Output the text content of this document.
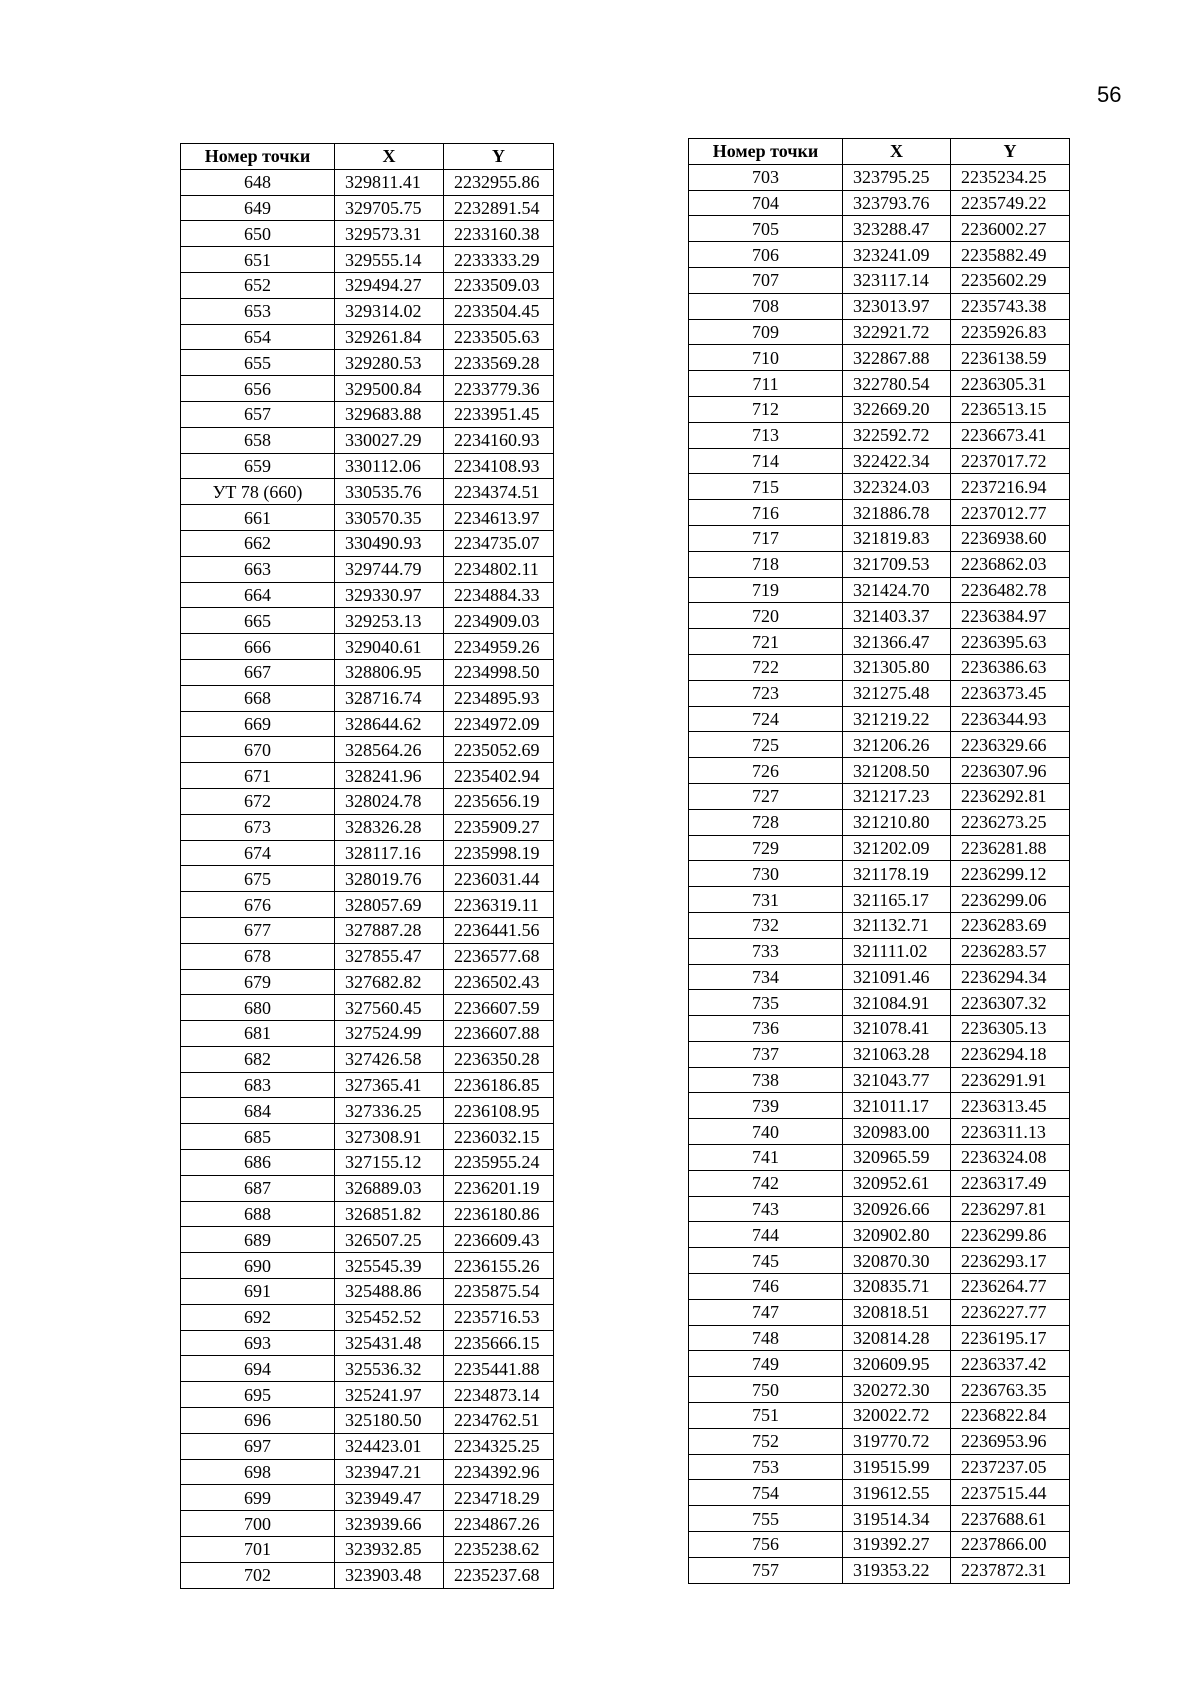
56
Номер точки	X	Y
648	329811.41	2232955.86
649	329705.75	2232891.54
650	329573.31	2233160.38
651	329555.14	2233333.29
652	329494.27	2233509.03
653	329314.02	2233504.45
654	329261.84	2233505.63
655	329280.53	2233569.28
656	329500.84	2233779.36
657	329683.88	2233951.45
658	330027.29	2234160.93
659	330112.06	2234108.93
УТ 78 (660)	330535.76	2234374.51
661	330570.35	2234613.97
662	330490.93	2234735.07
663	329744.79	2234802.11
664	329330.97	2234884.33
665	329253.13	2234909.03
666	329040.61	2234959.26
667	328806.95	2234998.50
668	328716.74	2234895.93
669	328644.62	2234972.09
670	328564.26	2235052.69
671	328241.96	2235402.94
672	328024.78	2235656.19
673	328326.28	2235909.27
674	328117.16	2235998.19
675	328019.76	2236031.44
676	328057.69	2236319.11
677	327887.28	2236441.56
678	327855.47	2236577.68
679	327682.82	2236502.43
680	327560.45	2236607.59
681	327524.99	2236607.88
682	327426.58	2236350.28
683	327365.41	2236186.85
684	327336.25	2236108.95
685	327308.91	2236032.15
686	327155.12	2235955.24
687	326889.03	2236201.19
688	326851.82	2236180.86
689	326507.25	2236609.43
690	325545.39	2236155.26
691	325488.86	2235875.54
692	325452.52	2235716.53
693	325431.48	2235666.15
694	325536.32	2235441.88
695	325241.97	2234873.14
696	325180.50	2234762.51
697	324423.01	2234325.25
698	323947.21	2234392.96
699	323949.47	2234718.29
700	323939.66	2234867.26
701	323932.85	2235238.62
702	323903.48	2235237.68
Номер точки	X	Y
703	323795.25	2235234.25
704	323793.76	2235749.22
705	323288.47	2236002.27
706	323241.09	2235882.49
707	323117.14	2235602.29
708	323013.97	2235743.38
709	322921.72	2235926.83
710	322867.88	2236138.59
711	322780.54	2236305.31
712	322669.20	2236513.15
713	322592.72	2236673.41
714	322422.34	2237017.72
715	322324.03	2237216.94
716	321886.78	2237012.77
717	321819.83	2236938.60
718	321709.53	2236862.03
719	321424.70	2236482.78
720	321403.37	2236384.97
721	321366.47	2236395.63
722	321305.80	2236386.63
723	321275.48	2236373.45
724	321219.22	2236344.93
725	321206.26	2236329.66
726	321208.50	2236307.96
727	321217.23	2236292.81
728	321210.80	2236273.25
729	321202.09	2236281.88
730	321178.19	2236299.12
731	321165.17	2236299.06
732	321132.71	2236283.69
733	321111.02	2236283.57
734	321091.46	2236294.34
735	321084.91	2236307.32
736	321078.41	2236305.13
737	321063.28	2236294.18
738	321043.77	2236291.91
739	321011.17	2236313.45
740	320983.00	2236311.13
741	320965.59	2236324.08
742	320952.61	2236317.49
743	320926.66	2236297.81
744	320902.80	2236299.86
745	320870.30	2236293.17
746	320835.71	2236264.77
747	320818.51	2236227.77
748	320814.28	2236195.17
749	320609.95	2236337.42
750	320272.30	2236763.35
751	320022.72	2236822.84
752	319770.72	2236953.96
753	319515.99	2237237.05
754	319612.55	2237515.44
755	319514.34	2237688.61
756	319392.27	2237866.00
757	319353.22	2237872.31
